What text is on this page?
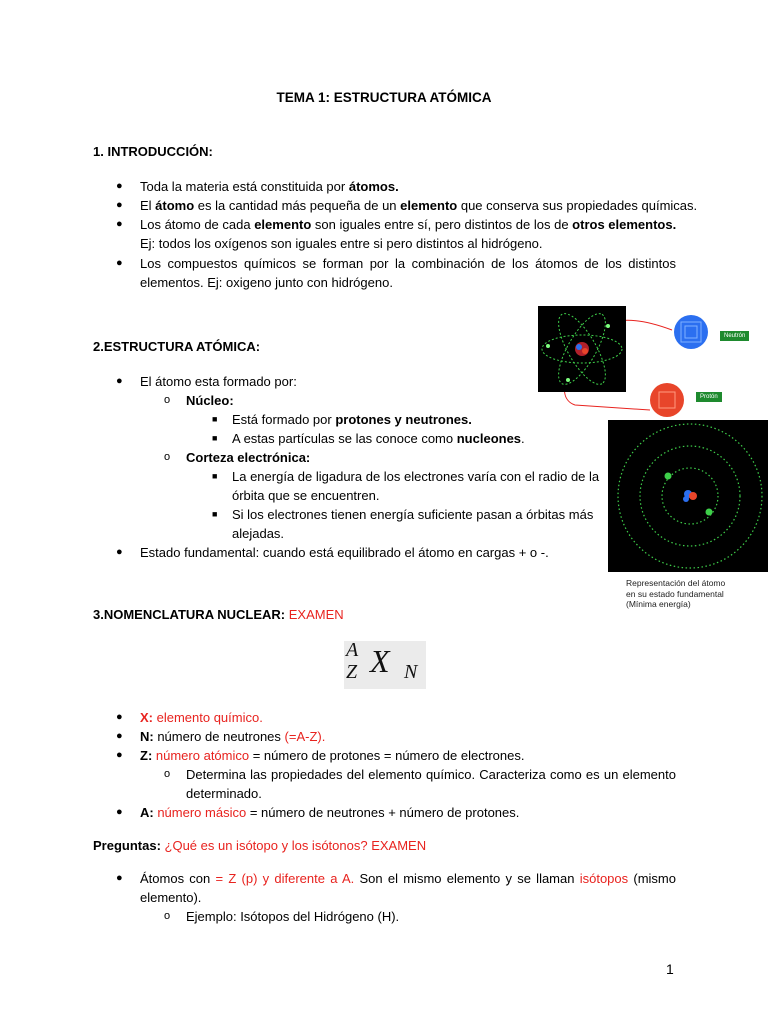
TEMA 1: ESTRUCTURA ATÓMICA
1. INTRODUCCIÓN:
● Toda la materia está constituida por átomos.
● El átomo es la cantidad más pequeña de un elemento que conserva sus propiedades químicas.
● Los átomo de cada elemento son iguales entre sí, pero distintos de los de otros elementos.
Ej: todos los oxígenos son iguales entre si pero distintos al hidrógeno.
● Los compuestos químicos se forman por la combinación de los átomos de los distintos
elementos. Ej: oxigeno junto con hidrógeno.
2.ESTRUCTURA ATÓMICA:
● El átomo esta formado por:
o Núcleo:
■ Está formado por protones y neutrones.
■ A estas partículas se las conoce como nucleones.
o Corteza electrónica:
■ La energía de ligadura de los electrones varía con el radio de la
órbita que se encuentren.
■ Si los electrones tienen energía suficiente pasan a órbitas más
alejadas.
● Estado fundamental: cuando está equilibrado el átomo en cargas + o -.
Neutrón
Protón
Representación del átomo
en su estado fundamental
(Mínima energía)
3.NOMENCLATURA NUCLEAR: EXAMEN
A
Z X N
● X: elemento químico.
● N: número de neutrones (=A-Z).
● Z: número atómico = número de protones = número de electrones.
o Determina las propiedades del elemento químico. Caracteriza como es un elemento
determinado.
● A: número másico = número de neutrones + número de protones.
Preguntas: ¿Qué es un isótopo y los isótonos? EXAMEN
● Átomos con = Z (p) y diferente a A. Son el mismo elemento y se llaman isótopos (mismo
elemento).
o Ejemplo: Isótopos del Hidrógeno (H).
1
